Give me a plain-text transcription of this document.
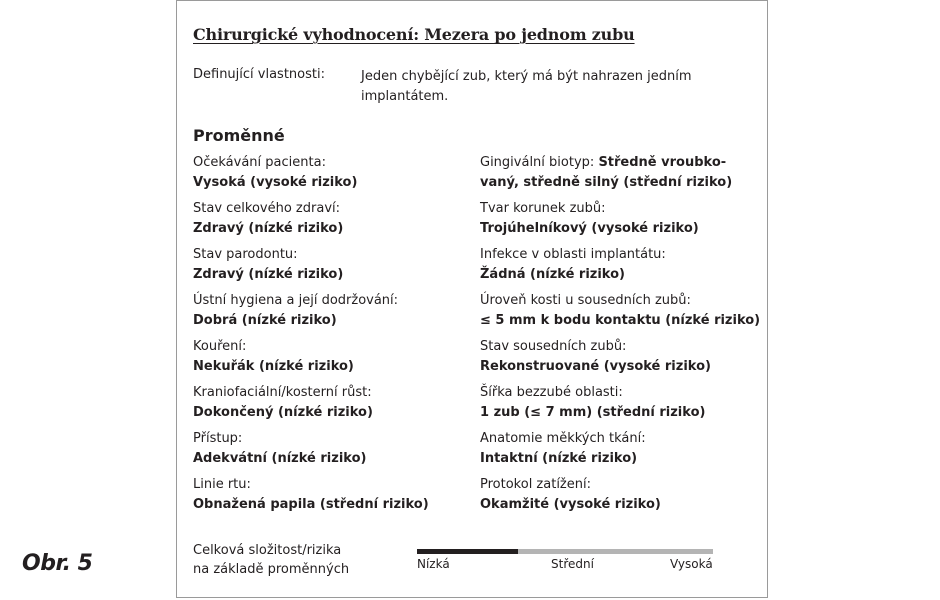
Chirurgické vyhodnocení: Mezera po jednom zubu
Definující vlastnosti:	Jeden chybějící zub, který má být nahrazen jedním implantátem.
Proměnné
Očekávání pacienta:
Vysoká (vysoké riziko)
Stav celkového zdraví:
Zdravý (nízké riziko)
Stav parodontu:
Zdravý (nízké riziko)
Ústní hygiena a její dodržování:
Dobrá (nízké riziko)
Kouření:
Nekuřák (nízké riziko)
Kraniofaciální/kosterní růst:
Dokončený (nízké riziko)
Přístup:
Adekvátní (nízké riziko)
Linie rtu:
Obnažená papila (střední riziko)
Gingivální biotyp: Středně vroubko-
vaný, středně silný (střední riziko)
Tvar korunek zubů:
Trojúhelníkový (vysoké riziko)
Infekce v oblasti implantátu:
Žádná (nízké riziko)
Úroveň kosti u sousedních zubů:
≤ 5 mm k bodu kontaktu (nízké riziko)
Stav sousedních zubů:
Rekonstruované (vysoké riziko)
Šířka bezzubé oblasti:
1 zub (≤ 7 mm) (střední riziko)
Anatomie měkkých tkání:
Intaktní (nízké riziko)
Protokol zatížení:
Okamžité (vysoké riziko)
Celková složitost/rizika
na základě proměnných	Nízká	Střední	Vysoká
Obr. 5
